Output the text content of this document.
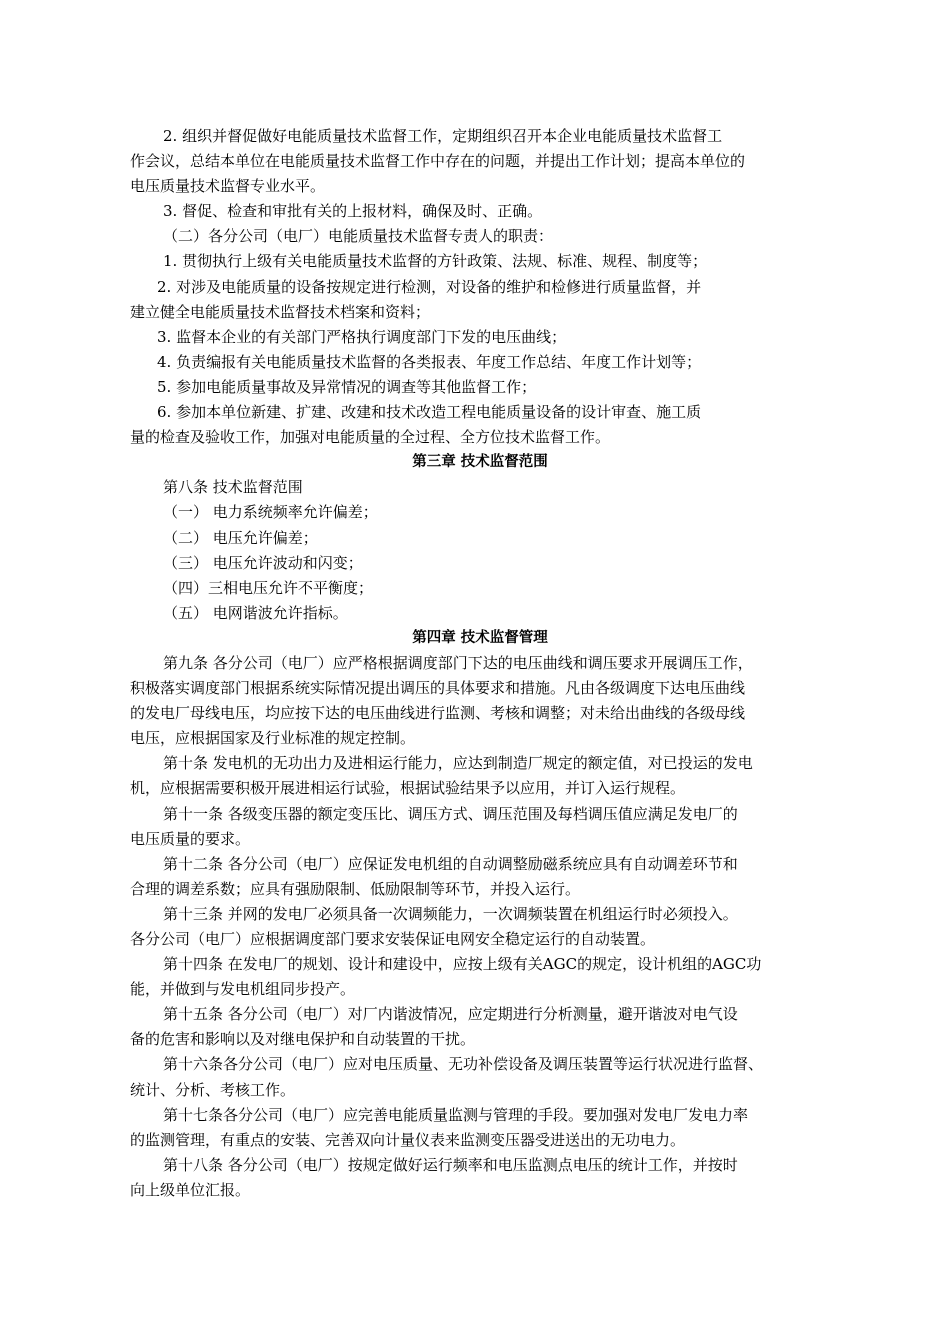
2. 组织并督促做好电能质量技术监督工作，定期组织召开本企业电能质量技术监督工
作会议，总结本单位在电能质量技术监督工作中存在的问题，并提出工作计划；提高本单位的
电压质量技术监督专业水平。
3. 督促、检查和审批有关的上报材料，确保及时、正确。
（二）各分公司（电厂）电能质量技术监督专责人的职责：
1. 贯彻执行上级有关电能质量技术监督的方针政策、法规、标准、规程、制度等；
2. 对涉及电能质量的设备按规定进行检测，对设备的维护和检修进行质量监督，并
建立健全电能质量技术监督技术档案和资料；
3. 监督本企业的有关部门严格执行调度部门下发的电压曲线；
4. 负责编报有关电能质量技术监督的各类报表、年度工作总结、年度工作计划等；
5. 参加电能质量事故及异常情况的调查等其他监督工作；
6. 参加本单位新建、扩建、改建和技术改造工程电能质量设备的设计审查、施工质
量的检查及验收工作，加强对电能质量的全过程、全方位技术监督工作。
第三章 技术监督范围
第八条 技术监督范围
（一） 电力系统频率允许偏差；
（二） 电压允许偏差；
（三） 电压允许波动和闪变；
（四）三相电压允许不平衡度；
（五） 电网谐波允许指标。
第四章 技术监督管理
第九条 各分公司（电厂）应严格根据调度部门下达的电压曲线和调压要求开展调压工作，
积极落实调度部门根据系统实际情况提出调压的具体要求和措施。凡由各级调度下达电压曲线
的发电厂母线电压，均应按下达的电压曲线进行监测、考核和调整；对未给出曲线的各级母线
电压，应根据国家及行业标准的规定控制。
第十条 发电机的无功出力及进相运行能力，应达到制造厂规定的额定值，对已投运的发电
机，应根据需要积极开展进相运行试验，根据试验结果予以应用，并订入运行规程。
第十一条 各级变压器的额定变压比、调压方式、调压范围及每档调压值应满足发电厂的
电压质量的要求。
第十二条 各分公司（电厂）应保证发电机组的自动调整励磁系统应具有自动调差环节和
合理的调差系数；应具有强励限制、低励限制等环节，并投入运行。
第十三条 并网的发电厂必须具备一次调频能力，一次调频装置在机组运行时必须投入。
各分公司（电厂）应根据调度部门要求安装保证电网安全稳定运行的自动装置。
第十四条 在发电厂的规划、设计和建设中，应按上级有关AGC的规定，设计机组的AGC功
能，并做到与发电机组同步投产。
第十五条 各分公司（电厂）对厂内谐波情况，应定期进行分析测量，避开谐波对电气设
备的危害和影响以及对继电保护和自动装置的干扰。
第十六条各分公司（电厂）应对电压质量、无功补偿设备及调压装置等运行状况进行监督、
统计、分析、考核工作。
第十七条各分公司（电厂）应完善电能质量监测与管理的手段。要加强对发电厂发电力率
的监测管理，有重点的安装、完善双向计量仪表来监测变压器受进送出的无功电力。
第十八条 各分公司（电厂）按规定做好运行频率和电压监测点电压的统计工作，并按时
向上级单位汇报。
